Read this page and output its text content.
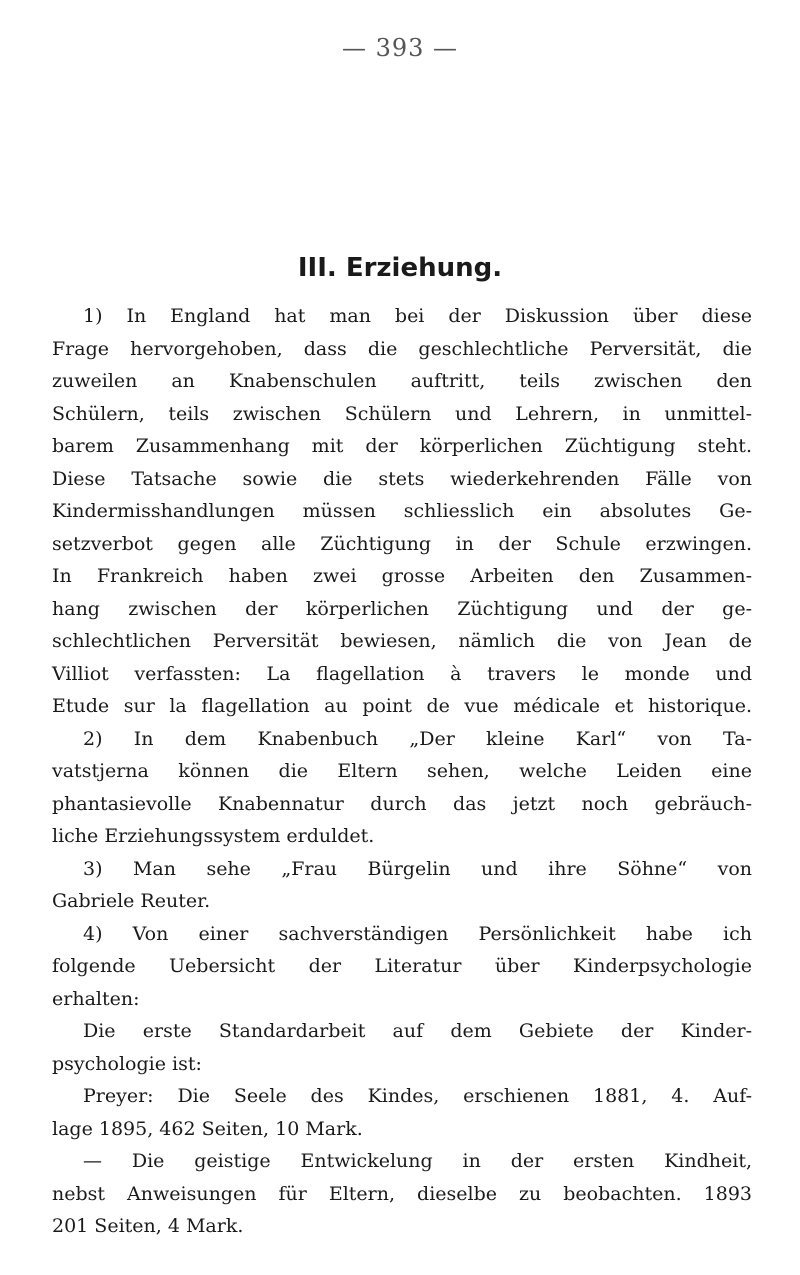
— 393 —
III. Erziehung.
1) In England hat man bei der Diskussion über diese
Frage hervorgehoben, dass die geschlechtliche Perversität, die
zuweilen an Knabenschulen auftritt, teils zwischen den
Schülern, teils zwischen Schülern und Lehrern, in unmittel-
barem Zusammenhang mit der körperlichen Züchtigung steht.
Diese Tatsache sowie die stets wiederkehrenden Fälle von
Kindermisshandlungen müssen schliesslich ein absolutes Ge-
setzverbot gegen alle Züchtigung in der Schule erzwingen.
In Frankreich haben zwei grosse Arbeiten den Zusammen-
hang zwischen der körperlichen Züchtigung und der ge-
schlechtlichen Perversität bewiesen, nämlich die von Jean de
Villiot verfassten: La flagellation à travers le monde und
Etude sur la flagellation au point de vue médicale et historique.
2) In dem Knabenbuch „Der kleine Karl“ von Ta-
vatstjerna können die Eltern sehen, welche Leiden eine
phantasievolle Knabennatur durch das jetzt noch gebräuch-
liche Erziehungssystem erduldet.
3) Man sehe „Frau Bürgelin und ihre Söhne“ von
Gabriele Reuter.
4) Von einer sachverständigen Persönlichkeit habe ich
folgende Uebersicht der Literatur über Kinderpsychologie
erhalten:
Die erste Standardarbeit auf dem Gebiete der Kinder-
psychologie ist:
Preyer: Die Seele des Kindes, erschienen 1881, 4. Auf-
lage 1895, 462 Seiten, 10 Mark.
— Die geistige Entwickelung in der ersten Kindheit,
nebst Anweisungen für Eltern, dieselbe zu beobachten. 1893
201 Seiten, 4 Mark.
